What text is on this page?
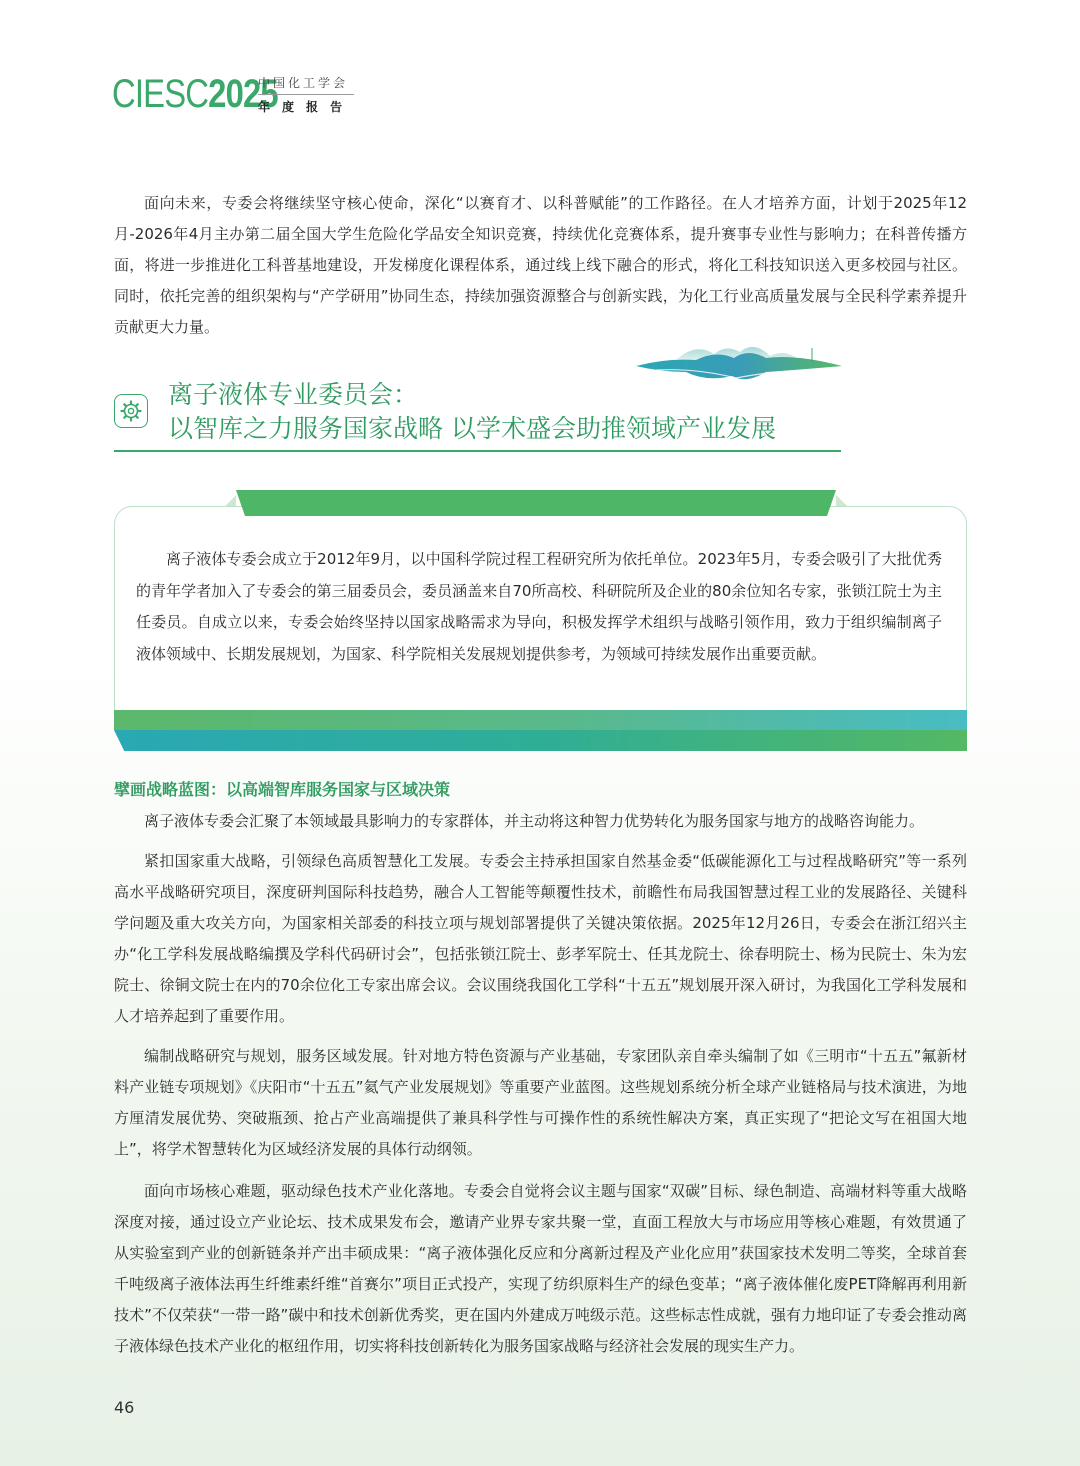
CIESC2025
中国化工学会
年度报告

面向未来，专委会将继续坚守核心使命，深化“以赛育才、以科普赋能”的工作路径。在人才培养方面，计划于2025年12月-2026年4月主办第二届全国大学生危险化学品安全知识竞赛，持续优化竞赛体系，提升赛事专业性与影响力；在科普传播方面，将进一步推进化工科普基地建设，开发梯度化课程体系，通过线上线下融合的形式，将化工科技知识送入更多校园与社区。同时，依托完善的组织架构与“产学研用”协同生态，持续加强资源整合与创新实践，为化工行业高质量发展与全民科学素养提升贡献更大力量。

离子液体专业委员会：
以智库之力服务国家战略 以学术盛会助推领域产业发展

离子液体专委会成立于2012年9月，以中国科学院过程工程研究所为依托单位。2023年5月，专委会吸引了大批优秀的青年学者加入了专委会的第三届委员会，委员涵盖来自70所高校、科研院所及企业的80余位知名专家，张锁江院士为主任委员。自成立以来，专委会始终坚持以国家战略需求为导向，积极发挥学术组织与战略引领作用，致力于组织编制离子液体领域中、长期发展规划，为国家、科学院相关发展规划提供参考，为领域可持续发展作出重要贡献。

擘画战略蓝图：以高端智库服务国家与区域决策

离子液体专委会汇聚了本领域最具影响力的专家群体，并主动将这种智力优势转化为服务国家与地方的战略咨询能力。

紧扣国家重大战略，引领绿色高质智慧化工发展。专委会主持承担国家自然基金委“低碳能源化工与过程战略研究”等一系列高水平战略研究项目，深度研判国际科技趋势，融合人工智能等颠覆性技术，前瞻性布局我国智慧过程工业的发展路径、关键科学问题及重大攻关方向，为国家相关部委的科技立项与规划部署提供了关键决策依据。2025年12月26日，专委会在浙江绍兴主办“化工学科发展战略编撰及学科代码研讨会”，包括张锁江院士、彭孝军院士、任其龙院士、徐春明院士、杨为民院士、朱为宏院士、徐铜文院士在内的70余位化工专家出席会议。会议围绕我国化工学科“十五五”规划展开深入研讨，为我国化工学科发展和人才培养起到了重要作用。

编制战略研究与规划，服务区域发展。针对地方特色资源与产业基础，专家团队亲自牵头编制了如《三明市“十五五”氟新材料产业链专项规划》《庆阳市“十五五”氦气产业发展规划》等重要产业蓝图。这些规划系统分析全球产业链格局与技术演进，为地方厘清发展优势、突破瓶颈、抢占产业高端提供了兼具科学性与可操作性的系统性解决方案，真正实现了“把论文写在祖国大地上”，将学术智慧转化为区域经济发展的具体行动纲领。

面向市场核心难题，驱动绿色技术产业化落地。专委会自觉将会议主题与国家“双碳”目标、绿色制造、高端材料等重大战略深度对接，通过设立产业论坛、技术成果发布会，邀请产业界专家共聚一堂，直面工程放大与市场应用等核心难题，有效贯通了从实验室到产业的创新链条并产出丰硕成果：“离子液体强化反应和分离新过程及产业化应用”获国家技术发明二等奖，全球首套千吨级离子液体法再生纤维素纤维“首赛尔”项目正式投产，实现了纺织原料生产的绿色变革；“离子液体催化废PET降解再利用新技术”不仅荣获“一带一路”碳中和技术创新优秀奖，更在国内外建成万吨级示范。这些标志性成就，强有力地印证了专委会推动离子液体绿色技术产业化的枢纽作用，切实将科技创新转化为服务国家战略与经济社会发展的现实生产力。

46
